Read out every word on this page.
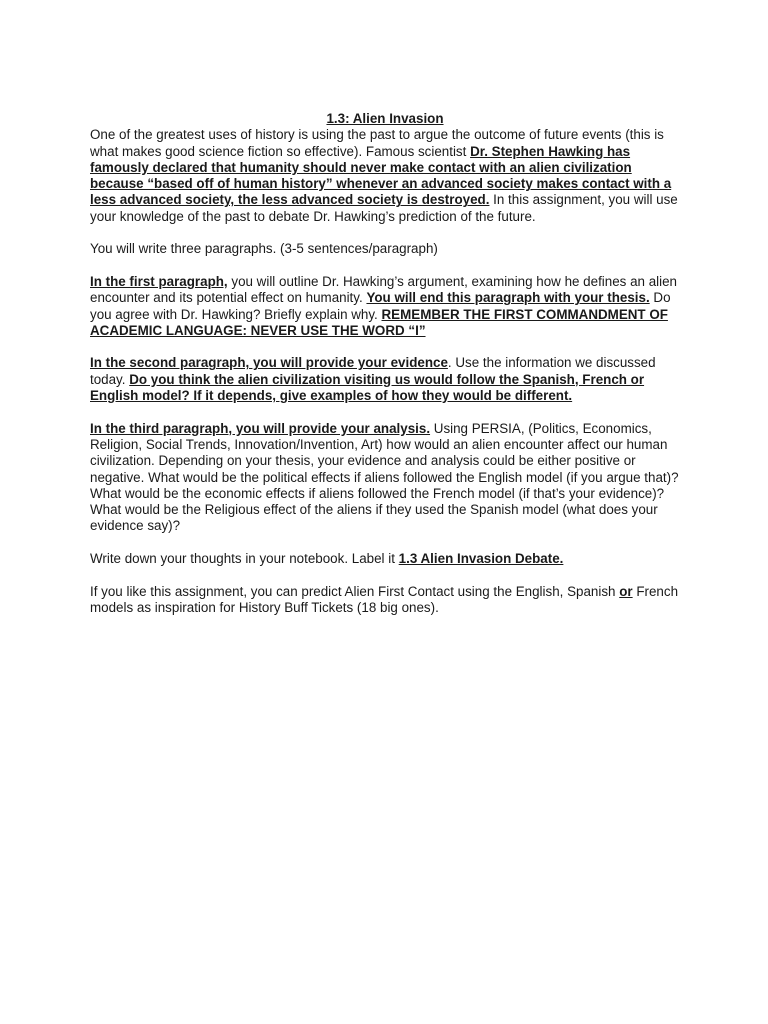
1.3: Alien Invasion

One of the greatest uses of history is using the past to argue the outcome of future events (this is what makes good science fiction so effective). Famous scientist Dr. Stephen Hawking has famously declared that humanity should never make contact with an alien civilization because “based off of human history” whenever an advanced society makes contact with a less advanced society, the less advanced society is destroyed. In this assignment, you will use your knowledge of the past to debate Dr. Hawking’s prediction of the future.

You will write three paragraphs. (3-5 sentences/paragraph)

In the first paragraph, you will outline Dr. Hawking’s argument, examining how he defines an alien encounter and its potential effect on humanity. You will end this paragraph with your thesis. Do you agree with Dr. Hawking? Briefly explain why. REMEMBER THE FIRST COMMANDMENT OF ACADEMIC LANGUAGE: NEVER USE THE WORD “I”

In the second paragraph, you will provide your evidence. Use the information we discussed today. Do you think the alien civilization visiting us would follow the Spanish, French or English model? If it depends, give examples of how they would be different.

In the third paragraph, you will provide your analysis. Using PERSIA, (Politics, Economics, Religion, Social Trends, Innovation/Invention, Art) how would an alien encounter affect our human civilization. Depending on your thesis, your evidence and analysis could be either positive or negative. What would be the political effects if aliens followed the English model (if you argue that)? What would be the economic effects if aliens followed the French model (if that’s your evidence)? What would be the Religious effect of the aliens if they used the Spanish model (what does your evidence say)?

Write down your thoughts in your notebook. Label it 1.3 Alien Invasion Debate.

If you like this assignment, you can predict Alien First Contact using the English, Spanish or French models as inspiration for History Buff Tickets (18 big ones).
